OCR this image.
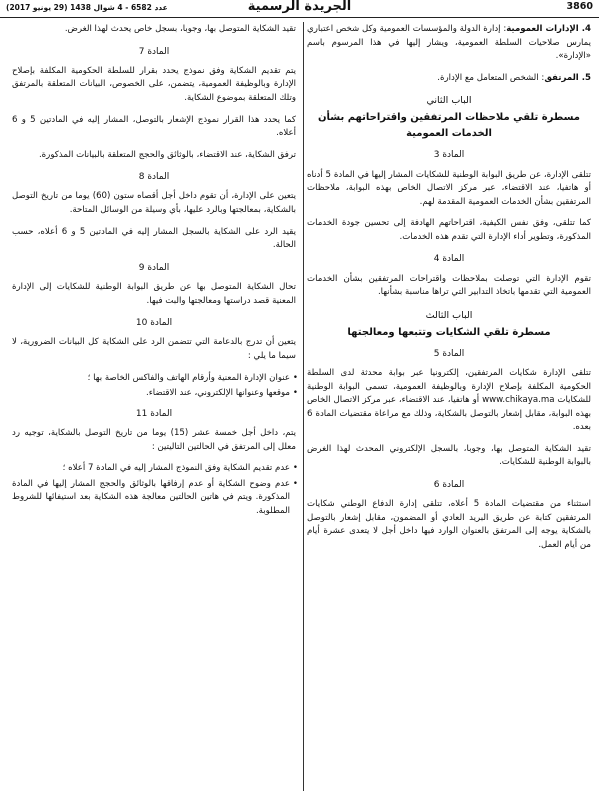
3860
الجريدة الرسمية
عدد 6582 - 4 شوال 1438 (29 يونيو 2017)

4. الإدارات العمومية: إدارة الدولة والمؤسسات العمومية وكل شخص اعتباري يمارس صلاحيات السلطة العمومية، ويشار إليها في هذا المرسوم باسم «الإدارة».

5. المرتفق: الشخص المتعامل مع الإدارة.

الباب الثاني
مسطرة تلقي ملاحظات المرتفقين واقتراحاتهم بشأن الخدمات العمومية
المادة 3

تتلقى الإدارة، عن طريق البوابة الوطنية للشكايات المشار إليها في المادة 5 أدناه أو هاتفيا، عند الاقتضاء، عبر مركز الاتصال الخاص بهذه البوابة، ملاحظات المرتفقين بشأن الخدمات العمومية المقدمة لهم.

كما تتلقى، وفق نفس الكيفية، اقتراحاتهم الهادفة إلى تحسين جودة الخدمات المذكورة، وتطوير أداء الإدارة التي تقدم هذه الخدمات.

المادة 4

تقوم الإدارة التي توصلت بملاحظات واقتراحات المرتفقين بشأن الخدمات العمومية التي تقدمها باتخاذ التدابير التي تراها مناسبة بشأنها.

الباب الثالث
مسطرة تلقي الشكايات وتتبعها ومعالجتها
المادة 5

تتلقى الإدارة شكايات المرتفقين، إلكترونيا عبر بوابة محدثة لدى السلطة الحكومية المكلفة بإصلاح الإدارة وبالوظيفة العمومية، تسمى البوابة الوطنية للشكايات www.chikaya.ma أو هاتفيا، عند الاقتضاء، عبر مركز الاتصال الخاص بهذه البوابة، مقابل إشعار بالتوصل بالشكاية، وذلك مع مراعاة مقتضيات المادة 6 بعده.

تقيد الشكاية المتوصل بها، وجوبا، بالسجل الإلكتروني المحدث لهذا الغرض بالبوابة الوطنية للشكايات.

المادة 6

استثناء من مقتضيات المادة 5 أعلاه، تتلقى إدارة الدفاع الوطني شكايات المرتفقين كتابة عن طريق البريد العادي أو المضمون، مقابل إشعار بالتوصل بالشكاية يوجه إلى المرتفق بالعنوان الوارد فيها داخل أجل لا يتعدى عشرة أيام من أيام العمل.

تقيد الشكاية المتوصل بها، وجوبا، بسجل خاص يحدث لهذا الغرض.

المادة 7

يتم تقديم الشكاية وفق نموذج يحدد بقرار للسلطة الحكومية المكلفة بإصلاح الإدارة وبالوظيفة العمومية، يتضمن، على الخصوص، البيانات المتعلقة بالمرتفق وتلك المتعلقة بموضوع الشكاية.

كما يحدد هذا القرار نموذج الإشعار بالتوصل، المشار إليه في المادتين 5 و 6 أعلاه.

ترفق الشكاية، عند الاقتضاء، بالوثائق والحجج المتعلقة بالبيانات المذكورة.

المادة 8

يتعين على الإدارة، أن تقوم داخل أجل أقصاه ستون (60) يوما من تاريخ التوصل بالشكاية، بمعالجتها وبالرد عليها، بأي وسيلة من الوسائل المتاحة.

يقيد الرد على الشكاية بالسجل المشار إليه في المادتين 5 و 6 أعلاه، حسب الحالة.

المادة 9

تحال الشكاية المتوصل بها عن طريق البوابة الوطنية للشكايات إلى الإدارة المعنية قصد دراستها ومعالجتها والبت فيها.

المادة 10

يتعين أن تدرج بالدعامة التي تتضمن الرد على الشكاية كل البيانات الضرورية، لا سيما ما يلي :

• عنوان الإدارة المعنية وأرقام الهاتف والفاكس الخاصة بها ؛
• موقعها وعنوانها الإلكتروني، عند الاقتضاء.
المادة 11

يتم، داخل أجل خمسة عشر (15) يوما من تاريخ التوصل بالشكاية، توجيه رد معلل إلى المرتفق في الحالتين التاليتين :

• عدم تقديم الشكاية وفق النموذج المشار إليه في المادة 7 أعلاه ؛
• عدم وضوح الشكاية أو عدم إرفاقها بالوثائق والحجج المشار إليها في المادة المذكورة. ويتم في هاتين الحالتين معالجة هذه الشكاية بعد استيفائها للشروط المطلوبة.
